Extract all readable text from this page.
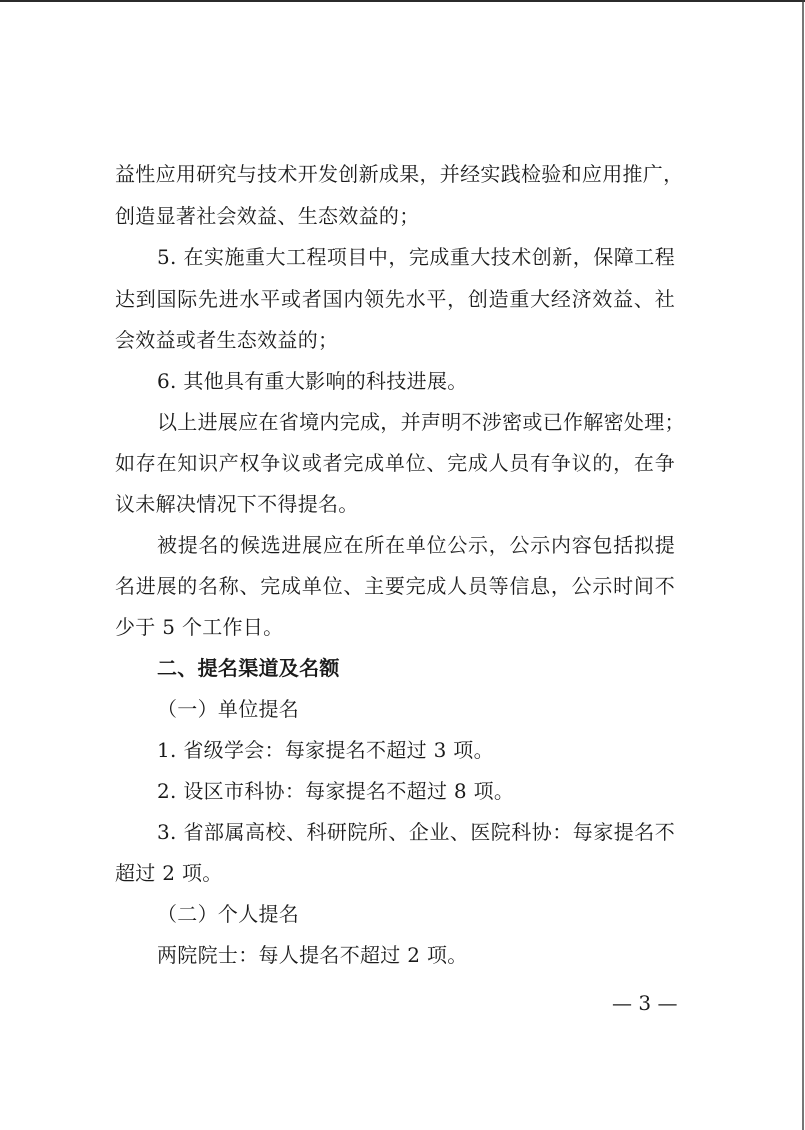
益性应用研究与技术开发创新成果，并经实践检验和应用推广，
创造显著社会效益、生态效益的；
5. 在实施重大工程项目中，完成重大技术创新，保障工程
达到国际先进水平或者国内领先水平，创造重大经济效益、社
会效益或者生态效益的；
6. 其他具有重大影响的科技进展。
以上进展应在省境内完成，并声明不涉密或已作解密处理；
如存在知识产权争议或者完成单位、完成人员有争议的，在争
议未解决情况下不得提名。
被提名的候选进展应在所在单位公示，公示内容包括拟提
名进展的名称、完成单位、主要完成人员等信息，公示时间不
少于 5 个工作日。
二、提名渠道及名额
（一）单位提名
1. 省级学会：每家提名不超过 3 项。
2. 设区市科协：每家提名不超过 8 项。
3. 省部属高校、科研院所、企业、医院科协：每家提名不
超过 2 项。
（二）个人提名
两院院士：每人提名不超过 2 项。
— 3 —
